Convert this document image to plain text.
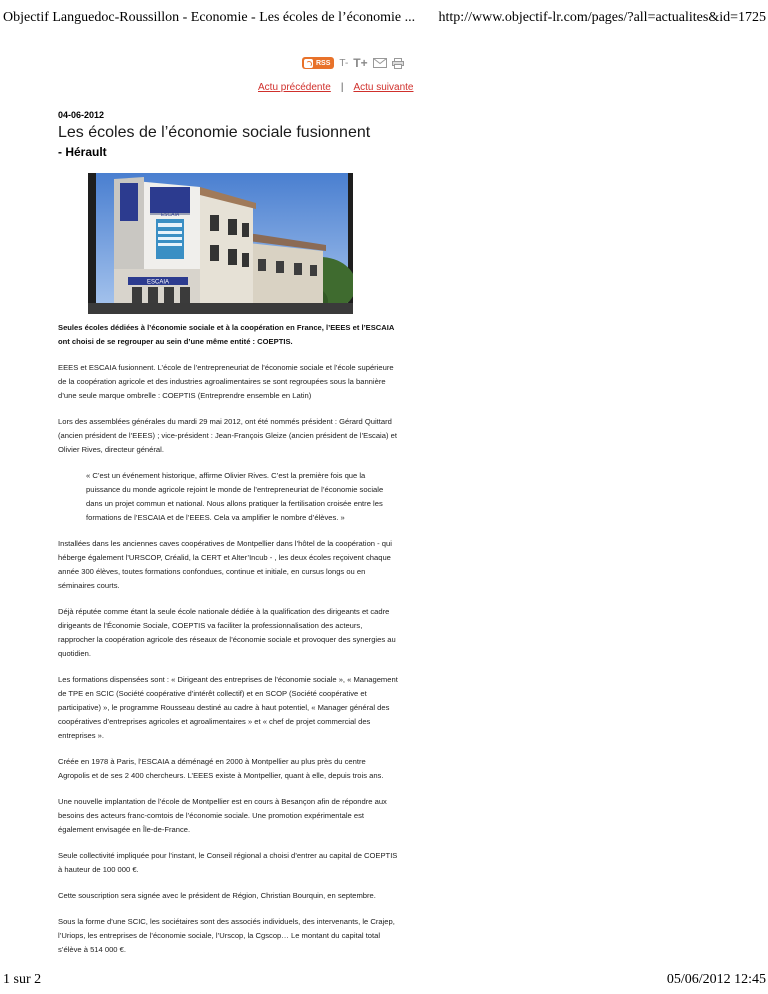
Objectif Languedoc-Roussillon - Economie - Les écoles de l’économie ... http://www.objectif-lr.com/pages/?all=actualites&id=1725
RSS T- T+
Actu précédente | Actu suivante
04-06-2012
Les écoles de l’économie sociale fusionnent
- Hérault
ESCAIA
ESCAIA

Seules écoles dédiées à l’économie sociale et à la coopération en France, l’EEES et l’ESCAIA ont choisi de se regrouper au sein d’une même entité : COEPTIS.

EEES et ESCAIA fusionnent. L’école de l’entrepreneuriat de l’économie sociale et l’école supérieure de la coopération agricole et des industries agroalimentaires se sont regroupées sous la bannière d’une seule marque ombrelle : COEPTIS (Entreprendre ensemble en Latin)

Lors des assemblées générales du mardi 29 mai 2012, ont été nommés président : Gérard Quittard (ancien président de l’EEES) ; vice-président : Jean-François Gleize (ancien président de l’Escaia) et Olivier Rives, directeur général.

« C’est un événement historique, affirme Olivier Rives. C’est la première fois que la puissance du monde agricole rejoint le monde de l’entrepreneuriat de l’économie sociale dans un projet commun et national. Nous allons pratiquer la fertilisation croisée entre les formations de l’ESCAIA et de l’EEES. Cela va amplifier le nombre d’élèves. »

Installées dans les anciennes caves coopératives de Montpellier dans l’hôtel de la coopération - qui héberge également l’URSCOP, Créalid, la CERT et Alter’Incub - , les deux écoles reçoivent chaque année 300 élèves, toutes formations confondues, continue et initiale, en cursus longs ou en séminaires courts.

Déjà réputée comme étant la seule école nationale dédiée à la qualification des dirigeants et cadre dirigeants de l’Économie Sociale, COEPTIS va faciliter la professionnalisation des acteurs, rapprocher la coopération agricole des réseaux de l’économie sociale et provoquer des synergies au quotidien.

Les formations dispensées sont : « Dirigeant des entreprises de l’économie sociale », « Management de TPE en SCIC (Société coopérative d’intérêt collectif) et en SCOP (Société coopérative et participative) », le programme Rousseau destiné au cadre à haut potentiel, « Manager général des coopératives d’entreprises agricoles et agroalimentaires » et « chef de projet commercial des entreprises ».

Créée en 1978 à Paris, l’ESCAIA a déménagé en 2000 à Montpellier au plus près du centre Agropolis et de ses 2 400 chercheurs. L’EEES existe à Montpellier, quant à elle, depuis trois ans.

Une nouvelle implantation de l’école de Montpellier est en cours à Besançon afin de répondre aux besoins des acteurs franc-comtois de l’économie sociale. Une promotion expérimentale est également envisagée en Île-de-France.

Seule collectivité impliquée pour l’instant, le Conseil régional a choisi d’entrer au capital de COEPTIS à hauteur de 100 000 €.

Cette souscription sera signée avec le président de Région, Christian Bourquin, en septembre.

Sous la forme d’une SCIC, les sociétaires sont des associés individuels, des intervenants, le Crajep, l’Uriops, les entreprises de l’économie sociale, l’Urscop, la Cgscop… Le montant du capital total s’élève à 514 000 €.

1 sur 2	05/06/2012 12:45
